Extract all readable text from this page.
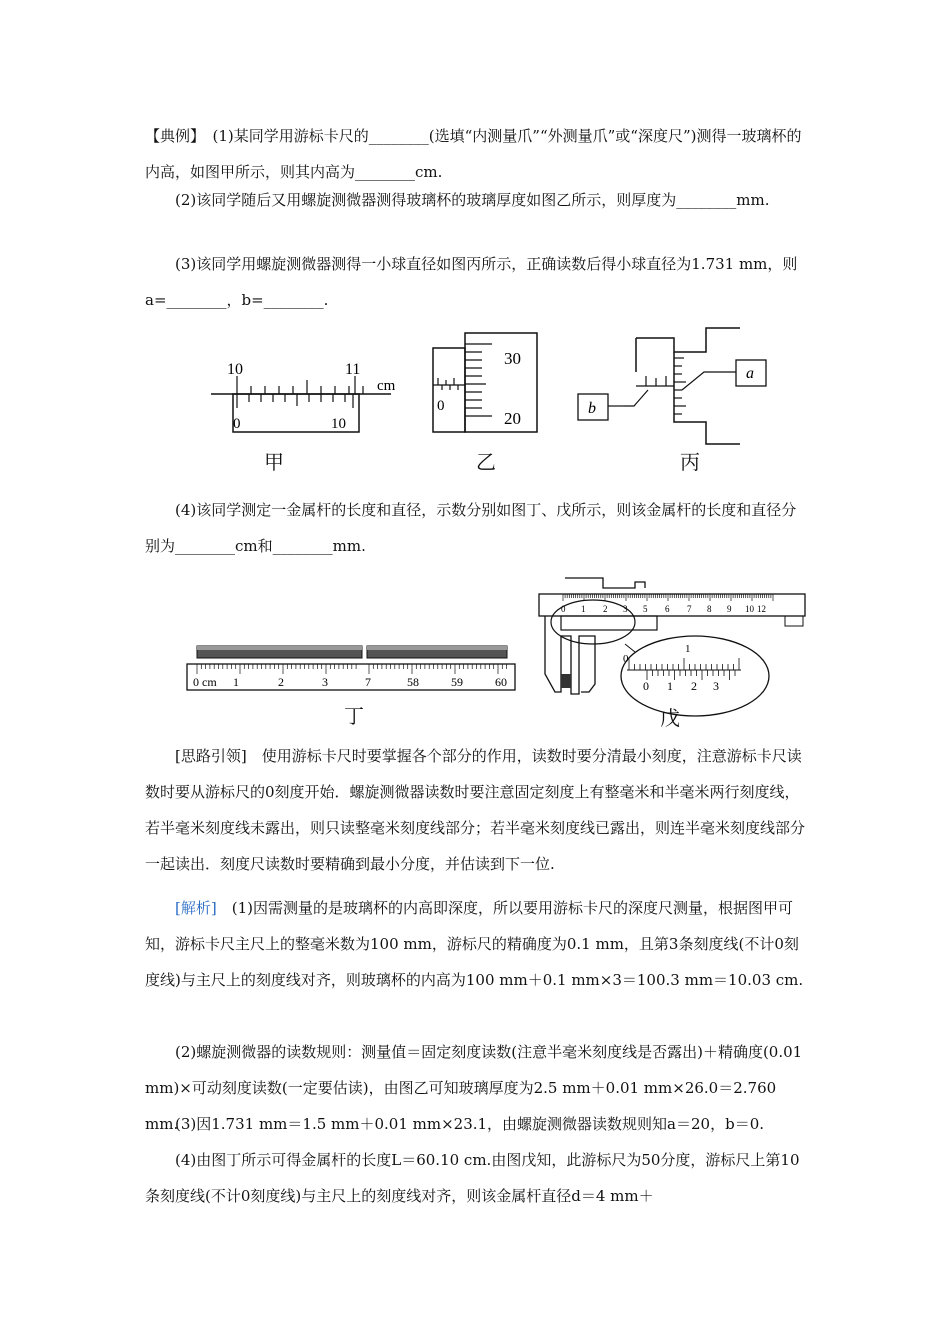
【典例】　(1)某同学用游标卡尺的________(选填“内测量爪”“外测量爪”或“深度尺”)测得一玻璃杯的内高，如图甲所示，则其内高为________cm.
(2)该同学随后又用螺旋测微器测得玻璃杯的玻璃厚度如图乙所示，则厚度为________mm.
(3)该同学用螺旋测微器测得一小球直径如图丙所示，正确读数后得小球直径为1.731 mm，则 a=________，b=________.
10	11
cm
0	10
甲
30
20
0
乙
b
a
丙
(4)该同学测定一金属杆的长度和直径，示数分别如图丁、戊所示，则该金属杆的长度和直径分别为________cm和________mm.
0 cm 1	2	3	7	58	59	60
丁
0 1 2 3 5 6 7 8 9 10 12
0
1
0 1 2 3
戊
[思路引领]　 使用游标卡尺时要掌握各个部分的作用，读数时要分清最小刻度，注意游标卡尺读数时要从游标尺的0刻度开始．螺旋测微器读数时要注意固定刻度上有整毫米和半毫米两行刻度线，若半毫米刻度线未露出，则只读整毫米刻度线部分；若半毫米刻度线已露出，则连半毫米刻度线部分一起读出．刻度尺读数时要精确到最小分度，并估读到下一位.
[解析]　 (1)因需测量的是玻璃杯的内高即深度，所以要用游标卡尺的深度尺测量，根据图甲可知，游标卡尺主尺上的整毫米数为100 mm，游标尺的精确度为0.1 mm，且第3条刻度线(不计0刻度线)与主尺上的刻度线对齐，则玻璃杯的内高为100 mm＋0.1 mm×3＝100.3 mm＝10.03 cm.
(2)螺旋测微器的读数规则：测量值＝固定刻度读数(注意半毫米刻度线是否露出)＋精确度(0.01 mm)×可动刻度读数(一定要估读)，由图乙可知玻璃厚度为2.5 mm＋0.01 mm×26.0＝2.760 mm.
(3)因1.731 mm＝1.5 mm＋0.01 mm×23.1，由螺旋测微器读数规则知a＝20，b＝0.
(4)由图丁所示可得金属杆的长度L＝60.10 cm.由图戊知，此游标尺为50分度，游标尺上第10条刻度线(不计0刻度线)与主尺上的刻度线对齐，则该金属杆直径d＝4 mm＋
